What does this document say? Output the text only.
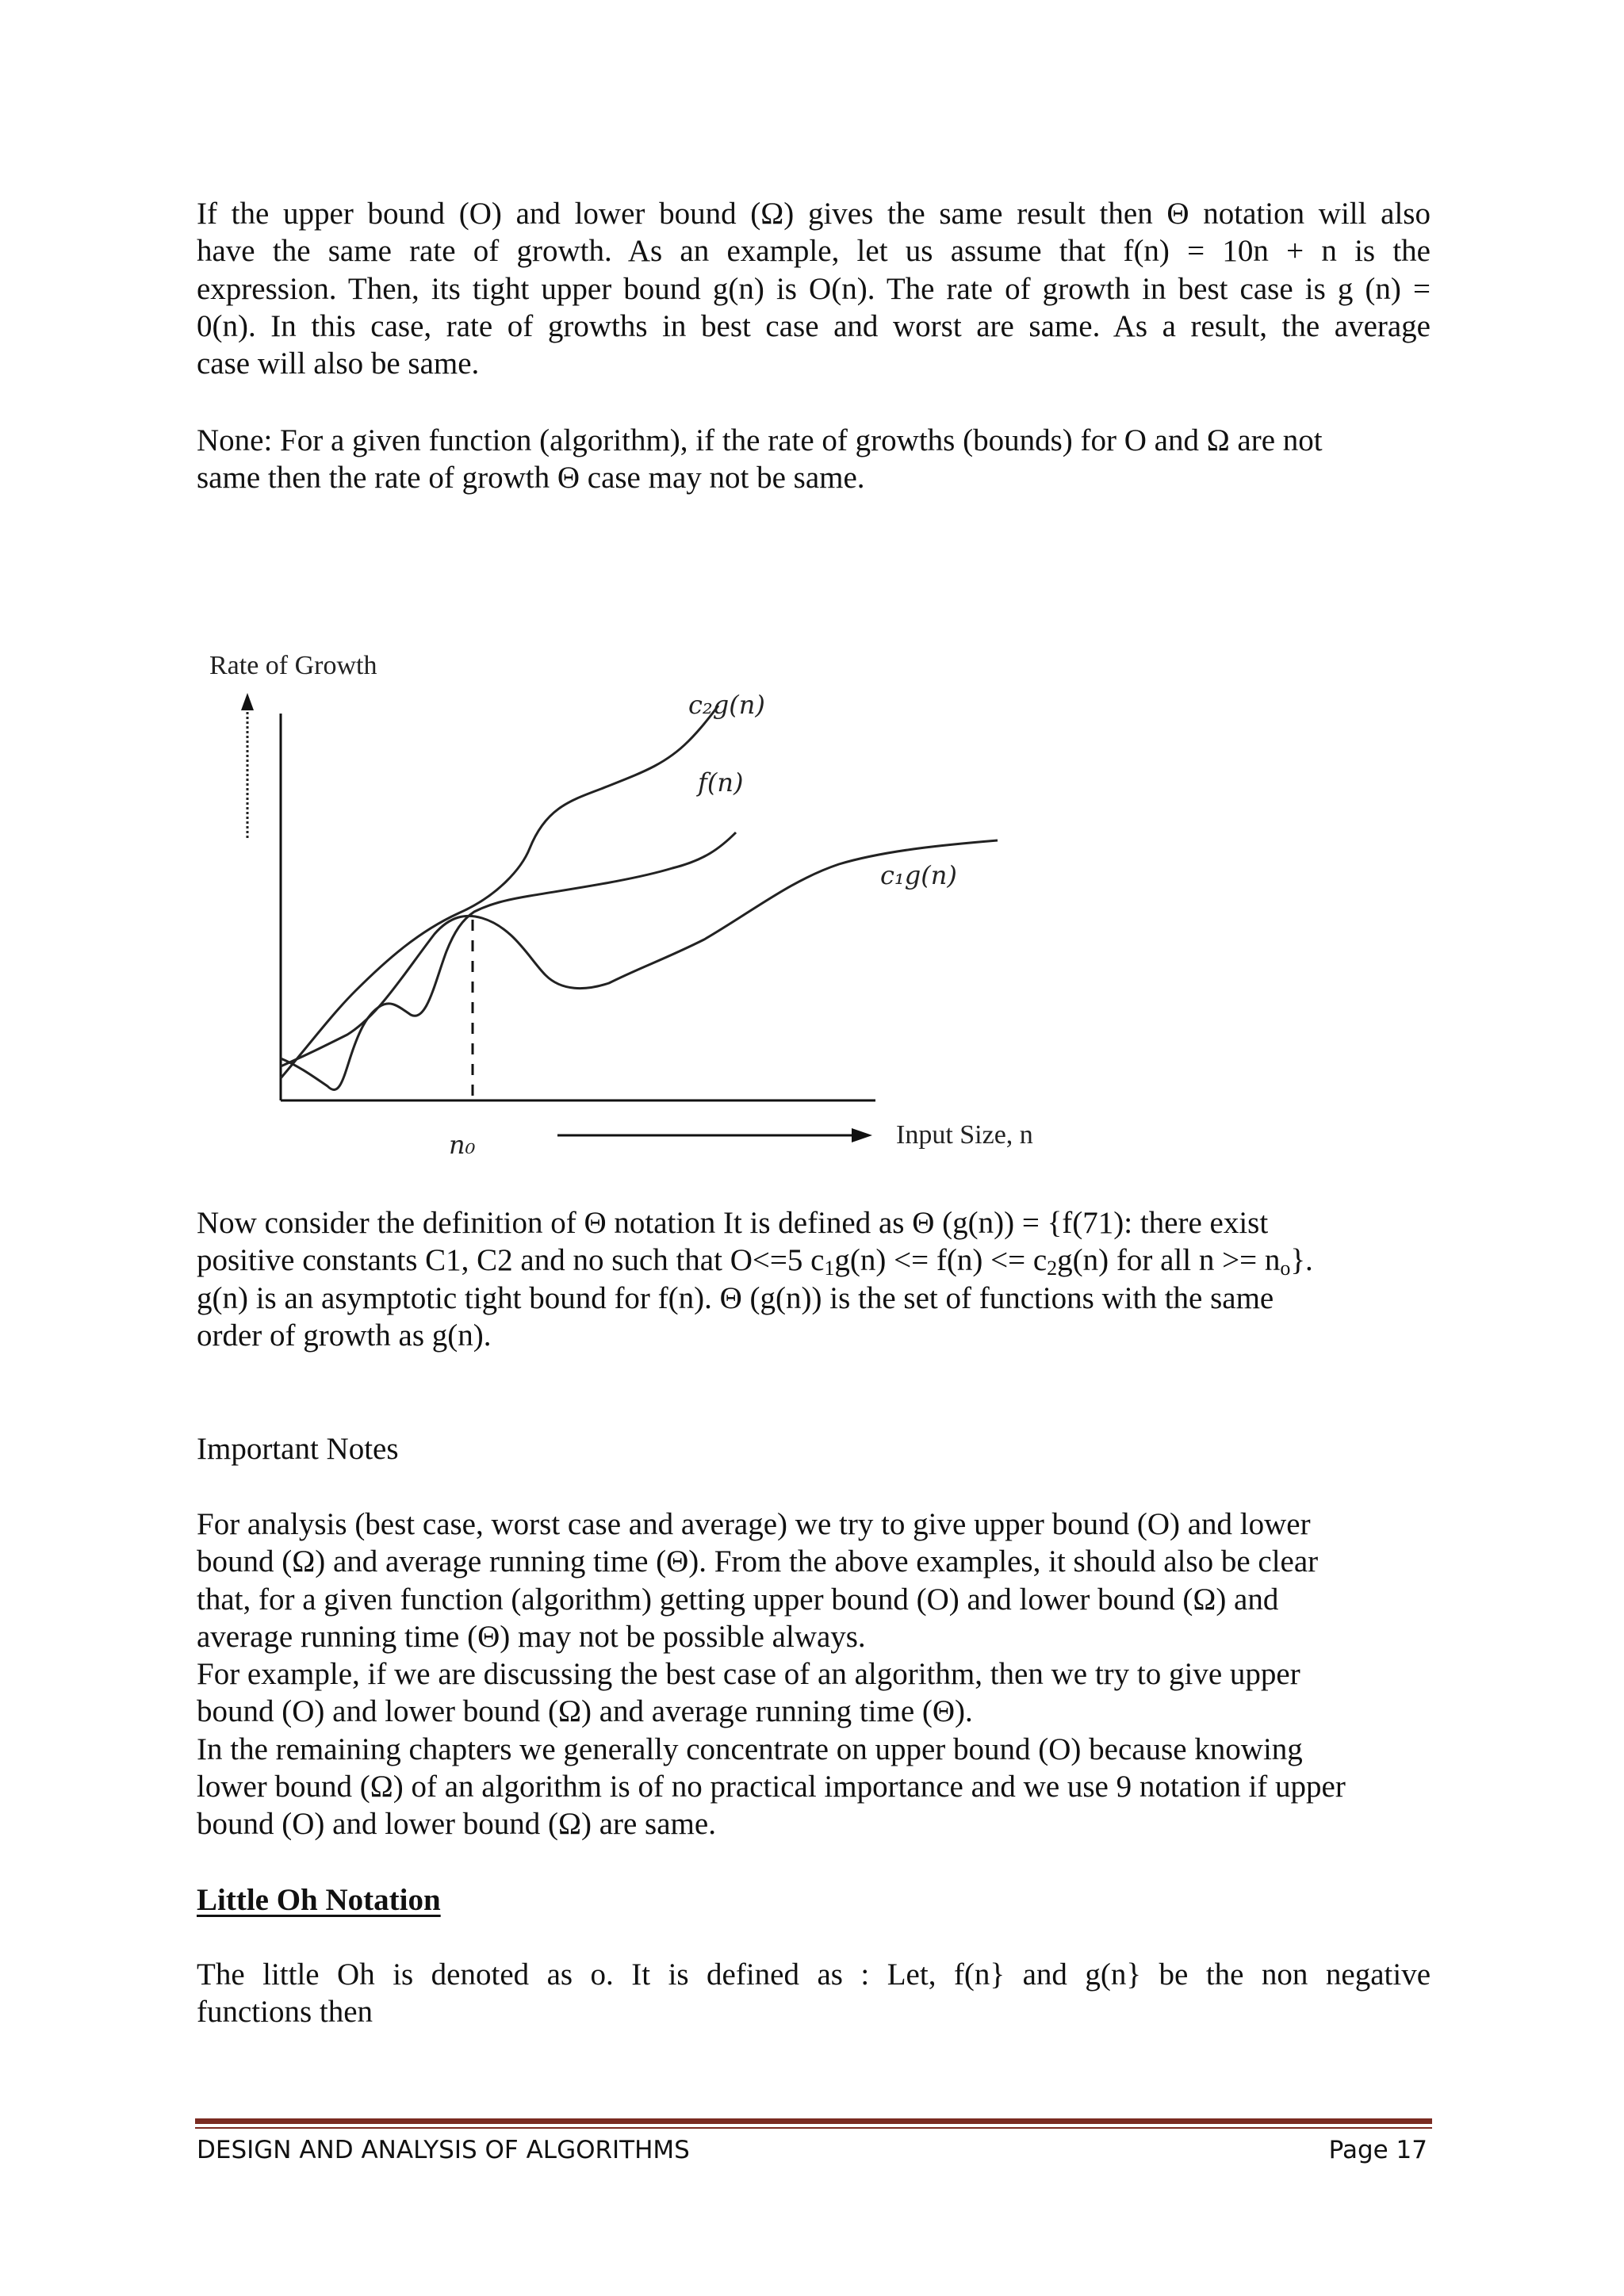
If the upper bound (O) and lower bound (Ω) gives the same result then Θ notation will also
have the same rate of growth. As an example, let us assume that f(n) = 10n + n is the
expression. Then, its tight upper bound g(n) is O(n). The rate of growth in best case is g (n) =
0(n). In this case, rate of growths in best case and worst are same. As a result, the average
case will also be same.
None: For a given function (algorithm), if the rate of growths (bounds) for O and Ω are not
same then the rate of growth Θ case may not be same.
Rate of Growth
c₂g(n)
f(n)
c₁g(n)
n₀	Input Size, n
Now consider the definition of Θ notation It is defined as Θ (g(n)) = {f(71): there exist
positive constants C1, C2 and no such that O<=5 $c_1g(n) <= f(n) <= c_2g(n)$ for all $n >= n_o$}.
g(n) is an asymptotic tight bound for f(n). Θ (g(n)) is the set of functions with the same
order of growth as g(n).
Important Notes
For analysis (best case, worst case and average) we try to give upper bound (O) and lower
bound (Ω) and average running time (Θ). From the above examples, it should also be clear
that, for a given function (algorithm) getting upper bound (O) and lower bound (Ω) and
average running time (Θ) may not be possible always.
For example, if we are discussing the best case of an algorithm, then we try to give upper
bound (O) and lower bound (Ω) and average running time (Θ).
In the remaining chapters we generally concentrate on upper bound (O) because knowing
lower bound (Ω) of an algorithm is of no practical importance and we use 9 notation if upper
bound (O) and lower bound (Ω) are same.
Little Oh Notation
The little Oh is denoted as o. It is defined as : Let, f(n} and g(n} be the non negative
functions then
DESIGN AND ANALYSIS OF ALGORITHMS	Page 17
